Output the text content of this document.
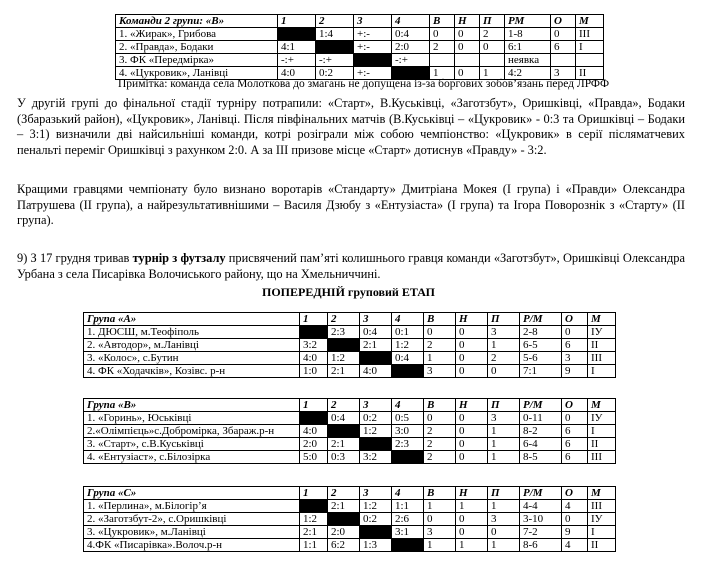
Команди 2 групи: «В»	1	2	3	4	В	Н	П	РМ	О	М
1. «Жирак», Грибова		1:4	+:-	0:4	0	0	2	1-8	0	ІІІ
2. «Правда», Бодаки	4:1		+:-	2:0	2	0	0	6:1	6	І
3. ФК «Передмірка»	-:+	-:+		-:+				неявка		
4. «Цукровик», Ланівці	4:0	0:2	+:-		1	0	1	4:2	3	ІІ
Примітка: команда села Молоткова до змагань не допущена із-за боргових зобов’язань перед ЛРФФ

У другій групі до фінальної стадії турніру потрапили: «Старт», В.Куськівці, «Заготзбут», Оришківці, «Правда», Бодаки (Збаразький район), «Цукровик», Ланівці. Після півфінальних матчів (В.Куськівці – «Цукровик» - 0:3 та Оришківці – Бодаки – 3:1) визначили дві найсильніші команди, котрі розіграли між собою чемпіонство: «Цукровик» в серії післяматчевих пенальті переміг Оришківці з рахунком 2:0. А за ІІІ призове місце «Старт» дотиснув «Правду» - 3:2.

Кращими гравцями чемпіонату було визнано воротарів «Стандарту» Дмитріана Мокея (І група) і «Правди» Олександра Патрушева (ІІ група), а найрезультативнішими – Василя Дзюбу з «Ентузіаста» (І група) та Ігора Поворознік з «Старту» (ІІ група).

9) З 17 грудня тривав турнір з футзалу присвячений пам’яті колишнього гравця команди «Заготзбут», Оришківці Олександра Урбана з села Писарівка Волочиського району, що на Хмельниччині.

ПОПЕРЕДНІЙ груповий ЕТАП
Група «А»	1	2	3	4	В	Н	П	Р/М	О	М
1. ДЮСШ, м.Теофіполь		2:3	0:4	0:1	0	0	3	2-8	0	ІУ
2. «Автодор», м.Ланівці	3:2		2:1	1:2	2	0	1	6-5	6	ІІ
3. «Колос», с.Бутин	4:0	1:2		0:4	1	0	2	5-6	3	ІІІ
4. ФК «Ходачків», Козівс. р-н	1:0	2:1	4:0		3	0	0	7:1	9	І
Група «В»	1	2	3	4	В	Н	П	Р/М	О	М
1. «Горинь», Юськівці		0:4	0:2	0:5	0	0	3	0-11	0	ІУ
2.«Олімпієць»с.Добромірка, Збараж.р-н	4:0		1:2	3:0	2	0	1	8-2	6	І
3. «Старт», с.В.Куськівці	2:0	2:1		2:3	2	0	1	6-4	6	ІІ
4. «Ентузіаст», с.Білозірка	5:0	0:3	3:2		2	0	1	8-5	6	ІІІ
Група «С»	1	2	3	4	В	Н	П	Р/М	О	М
1. «Перлина», м.Білогір’я		2:1	1:2	1:1	1	1	1	4-4	4	ІІІ
2. «Заготзбут-2», с.Оришківці	1:2		0:2	2:6	0	0	3	3-10	0	ІУ
3. «Цукровик», м.Ланівці	2:1	2:0		3:1	3	0	0	7-2	9	І
4.ФК «Писарівка».Волоч.р-н	1:1	6:2	1:3		1	1	1	8-6	4	ІІ
